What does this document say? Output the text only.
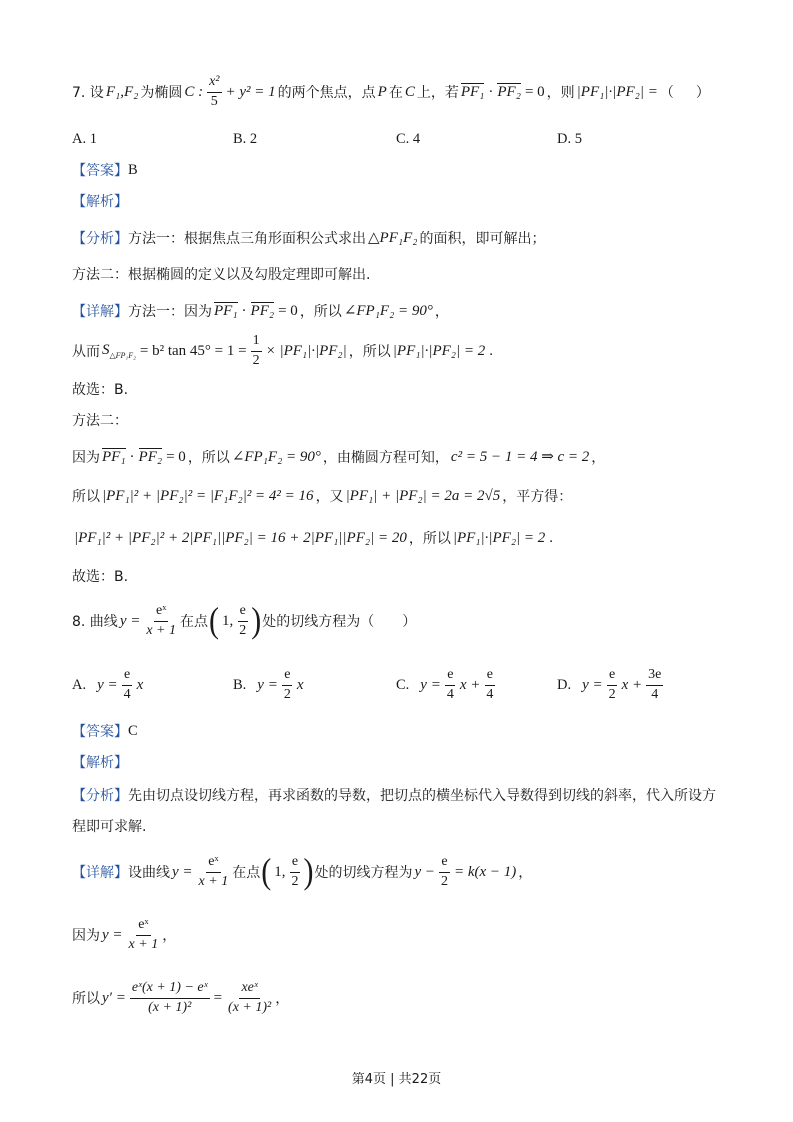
7. 设 F₁,F₂ 为椭圆 C : $\frac{\text{x²}}{5} + y^2 = 1$ 的两个焦点，点 P 在 C 上，若 PF₁ · PF₂ = 0 ，则 |PF₁|·|PF₂| = （　　）
A. 1	B. 2	C. 4	D. 5
【答案】 B
【解析】
【分析】 方法一：根据焦点三角形面积公式求出 △PF₁F₂ 的面积，即可解出；
方法二：根据椭圆的定义以及勾股定理即可解出.
【详解】 方法一：因为 PF₁ · PF₂ = 0 ，所以 ∠FP₁F₂ = 90° ，
从而 $S_{\triangle FP_1F_2} = b^2$ $\tan 45^\circ = 1 = \frac{1}{2} \times |PF_1|\cdot|PF_2|$ ，所以 |PF₁|·|PF₂| = 2 .
故选：B.
方法二：
因为 PF₁ · PF₂ = 0 ，所以 ∠FP₁F₂ = 90° ，由椭圆方程可知， c² = 5 − 1 = 4 ⇒ c = 2 ，
所以 |PF₁|² + |PF₂|² = |F₁F₂|² = 4² = 16 ，又 |PF₁| + |PF₂| = 2a = 2√5 ，平方得：
|PF₁|² + |PF₂|² + 2|PF₁||PF₂| = 16 + 2|PF₁||PF₂| = 20 ，所以 |PF₁|·|PF₂| = 2 .
故选：B.
8. 曲线 $y = \frac{\text{eˣ}}{x + 1}$ 在点 ( 1, $\frac{e}{2}$ ) 处的切线方程为（　　）
A. $y = \frac{e}{4}$ x	B. $y = \frac{e}{2}$ x	C. $y = \frac{e}{4}$ $x + \frac{e}{4}$	D. $y = \frac{e}{2}$ $x + \frac{3e}{4}$
【答案】 C
【解析】
【分析】 先由切点设切线方程，再求函数的导数，把切点的横坐标代入导数得到切线的斜率，代入所设方
程即可求解.
【详解】 设曲线 $y = \frac{\text{eˣ}}{x + 1}$ 在点 ( 1, $\frac{e}{2}$ ) 处的切线方程为 $y - \frac{e}{2} = k(x - 1)$ ，
因为 $y = \frac{\text{eˣ}}{x + 1}$ ，
所以 $y' = \frac{\text{eˣ(x + 1) − eˣ}}{\text{(x + 1)²}}$ =
xeˣ
(x + 1)² ，
第4页 | 共22页
